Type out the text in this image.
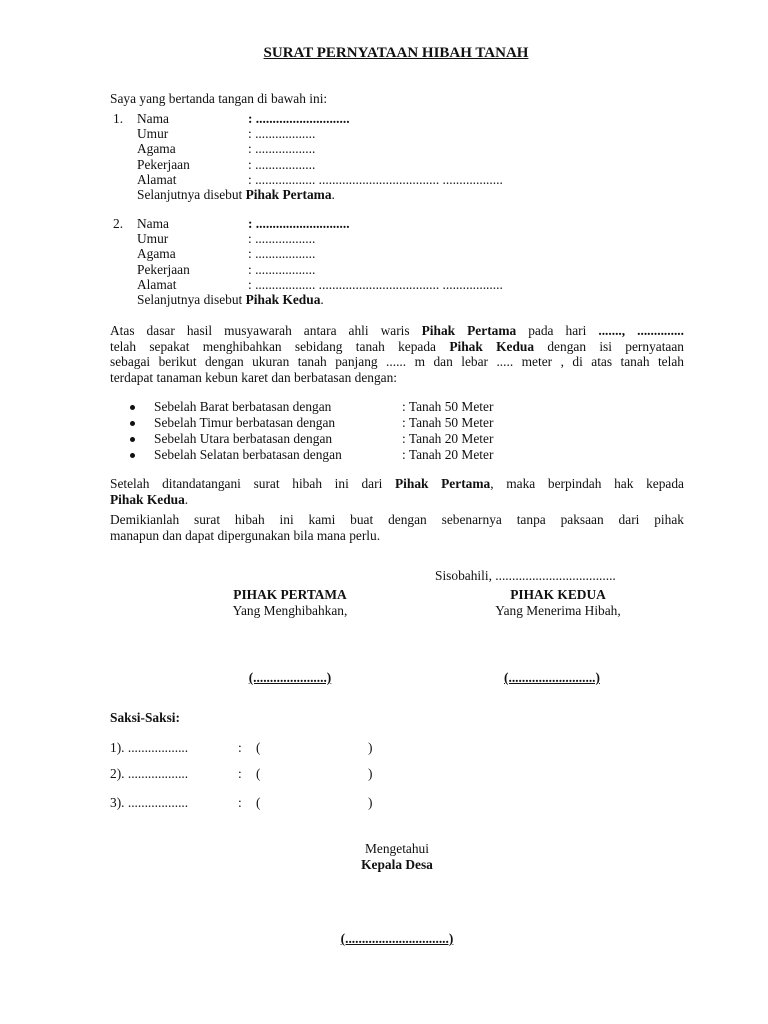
SURAT PERNYATAAN HIBAH TANAH
Saya yang bertanda tangan di bawah ini:
1. Nama	: ............................
Umur	: ..................
Agama	: ..................
Pekerjaan	: ..................
Alamat	: .................. .................................... ..................
Selanjutnya disebut Pihak Pertama.
2. Nama	: ............................
Umur	: ..................
Agama	: ..................
Pekerjaan	: ..................
Alamat	: .................. .................................... ..................
Selanjutnya disebut Pihak Kedua.
Atas dasar hasil musyawarah antara ahli waris Pihak Pertama pada hari ......., ..............
telah sepakat menghibahkan sebidang tanah kepada Pihak Kedua dengan isi pernyataan
sebagai berikut dengan ukuran tanah panjang ...... m dan lebar ..... meter , di atas tanah telah
terdapat tanaman kebun karet dan berbatasan dengan:
Sebelah Barat berbatasan dengan	: Tanah 50 Meter
Sebelah Timur berbatasan dengan	: Tanah 50 Meter
Sebelah Utara berbatasan dengan	: Tanah 20 Meter
Sebelah Selatan berbatasan dengan	: Tanah 20 Meter
Setelah ditandatangani surat hibah ini dari Pihak Pertama, maka berpindah hak kepada
Pihak Kedua.
Demikianlah surat hibah ini kami buat dengan sebenarnya tanpa paksaan dari pihak
manapun dan dapat dipergunakan bila mana perlu.
Sisobahili, ....................................
PIHAK PERTAMA
Yang Menghibahkan,
(......................)
PIHAK KEDUA
Yang Menerima Hibah,
(..........................)
Saksi-Saksi:
1). ..................	: (	)
2). ..................	: (	)
3). ..................	: (	)
Mengetahui
Kepala Desa
(...............................)
